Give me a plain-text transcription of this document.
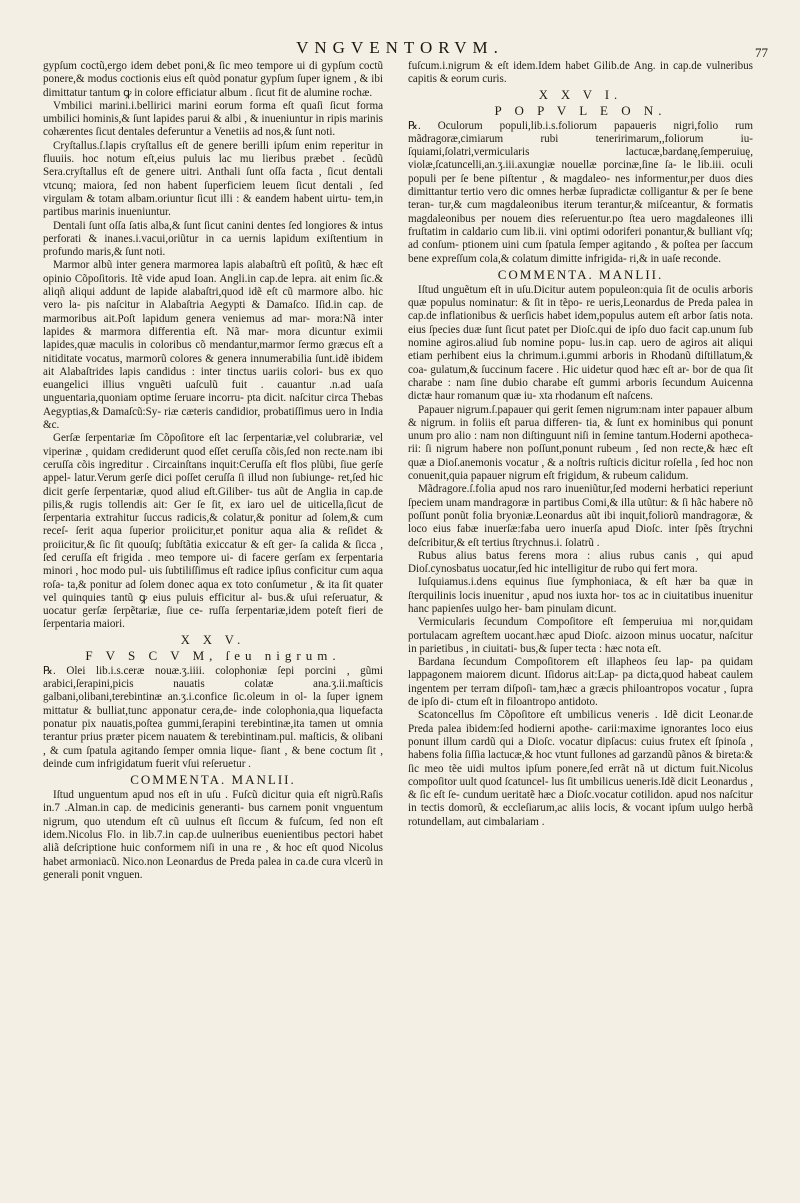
VNGVENTORVM.	77

gypſum coctũ,ergo idem debet poni,& ſic meo tempore ui di gypſum coctũ ponere,& modus coctionis eius eſt quòd ponatur gypſum ſuper ignem , & ibi dimittatur tantum ꝙ in colore efficiatur album . ſicut fit de alumine rochæ.

Vmbilici marini.i.bellirici marini eorum forma eſt quaſi ſicut forma umbilici hominis,& ſunt lapides parui & albi , & inueniuntur in ripis marinis cohærentes ſicut dentales deferuntur a Venetiis ad nos,& ſunt noti.

Cryſtallus.ſ.lapis cryſtallus eſt de genere berilli ipſum enim reperitur in fluuiis. hoc notum eſt,eius puluis lac mu lieribus præbet . ſecũdũ Sera.cryſtallus eſt de genere uitri. Anthali ſunt oſſa facta , ſicut dentali vtcunq; maiora, ſed non habent ſuperficiem leuem ſicut dentali , ſed virgulam & totam albam.oriuntur ſicut illi : & eandem habent uirtu- tem,in partibus marinis inueniuntur.

Dentali ſunt oſſa ſatis alba,& ſunt ſicut canini dentes ſed longiores & intus perforati & inanes.i.vacui,oriũtur in ca uernis lapidum exiſtentium in profundo maris,& ſunt noti.

Marmor albũ inter genera marmorea lapis alabaſtrũ eſt poſitũ, & hæc eſt opinio Cõpoſitoris. Itẽ vide apud Ioan. Angli.in cap.de lepra. ait enim ſic.& aliqñ aliqui addunt de lapide alabaſtri,quod idẽ eſt cũ marmore albo. hic vero la- pis naſcitur in Alabaſtria Aegypti & Damaſco. Iſid.in cap. de marmoribus ait.Poſt lapidum genera veniemus ad mar- mora:Nã inter lapides & marmora differentia eſt. Nã mar- mora dicuntur eximii lapides,quæ maculis in coloribus cõ mendantur,marmor ſermo græcus eſt a nitiditate vocatus, marmorũ colores & genera innumerabilia ſunt.idẽ ibidem ait Alabaſtrides lapis candidus : inter tinctus uariis colori- bus ex quo euangelici illius vnguẽti uaſculũ fuit . cauantur .n.ad uaſa unguentaria,quoniam optime ſeruare incorru- pta dicit. naſcitur circa Thebas Aegyptias,& Damaſcũ:Sy- riæ cæteris candidior, probatiſſimus uero in India &c.

Gerſæ ſerpentariæ ſm Cõpoſitore eſt lac ſerpentariæ,vel colubrariæ, vel viperinæ , quidam crediderunt quod eſſet ceruſſa cõis,ſed non recte.nam ibi ceruſſa cõis ingreditur . Circainſtans inquit:Ceruſſa eſt flos plũbi, ſiue gerſe appel- latur.Verum gerſe dici poſſet ceruſſa ſi illud non ſubiunge- ret,ſed hic dicit gerſe ſerpentariæ, quod aliud eſt.Giliber- tus aũt de Anglia in cap.de pilis,& rugis tollendis ait: Ger ſe ſit, ex iaro uel de uiticella,ſicut de ſerpentaria extrahitur ſuccus radicis,& colatur,& ponitur ad ſolem,& cum receſ- ſerit aqua ſuperior proiicitur,et ponitur aqua alia & reſidet & proiicitur,& ſic ſit quouſq; ſubſtãtia exiccatur & eſt ger- ſa calida & ſicca , ſed ceruſſa eſt frigida . meo tempore ui- di facere gerſam ex ſerpentaria minori , hoc modo pul- uis ſubtiliſſimus eſt radice ipſius conficitur cum aqua roſa- ta,& ponitur ad ſolem donec aqua ex toto conſumetur , & ita ſit quater vel quinquies tantũ ꝙ eius puluis efficitur al- bus.& uſui reſeruatur, & uocatur gerſæ ſerpẽtariæ, ſiue ce- ruſſa ſerpentariæ,idem poteſt fieri de ſerpentaria maiori.

X X V.
F V S C V M, ſeu nigrum.

℞. Olei lib.i.s.ceræ nouæ.ʒ.iiii. colophoniæ ſepi porcini , gũmi arabici,ſerapini,picis nauatis colatæ ana.ʒ.ii.maſticis galbani,olibani,terebintinæ an.ʒ.i.confice ſic.oleum in ol- la ſuper ignem mittatur & bulliat,tunc apponatur cera,de- inde colophonia,qua liquefacta ponatur pix nauatis,poſtea gummi,ſerapini terebintinæ,ita tamen ut omnia terantur prius præter picem nauatem & terebintinam.pul. maſticis, & olibani , & cum ſpatula agitando ſemper omnia lique- ſiant , & bene coctum ſit , deinde cum infrigidatum fuerit vſui reſeruetur .

COMMENTA. MANLII.

Iſtud unguentum apud nos eſt in uſu . Fuſcũ dicitur quia eſt nigrũ.Raſis in.7 .Alman.in cap. de medicinis generanti- bus carnem ponit vnguentum nigrum, quo utendum eſt cũ uulnus eſt ſiccum & fuſcum, ſed non eſt idem.Nicolus Flo. in lib.7.in cap.de uulneribus euenientibus pectori habet aliã deſcriptione huic conformem niſi in una re , & hoc eſt quod Nicolus habet armoniacũ. Nico.non Leonardus de Preda palea in ca.de cura vlcerũ in generali ponit vnguen.

fuſcum.i.nigrum & eſt idem.Idem habet Gilib.de Ang. in cap.de vulneribus capitis & eorum curis.

X X V I.
P O P V L E O N.

℞. Oculorum populi,lib.i.s.foliorum papaueris nigri,folio rum mãdragoræ,cimiarum rubi teneririmarum,,foliorum iu- ſquiami,ſolatri,vermicularis lactucæ,bardanę,ſemperuiuę, violæ,ſcatuncelli,an.ʒ.iii.axungiæ nouellæ porcinæ,ſine ſa- le lib.iii. oculi populi per ſe bene piſtentur , & magdaleo- nes informentur,per duos dies dimittantur tertio vero dic omnes herbæ ſupradictæ colligantur & per ſe bene teran- tur,& cum magdaleonibus iterum terantur,& miſceantur, & formatis magdaleonibus per nouem dies reſeruentur.po ſtea uero magdaleones illi fruſtatim in caldario cum lib.ii. vini optimi odoriferi ponantur,& bulliant vſq; ad conſum- ptionem uini cum ſpatula ſemper agitando , & poſtea per ſaccum bene expreſſum cola,& colatum dimitte infrigida- ri,& in uaſe reconde.

COMMENTA. MANLII.

Iſtud unguẽtum eſt in uſu.Dicitur autem populeon:quia ſit de oculis arboris quæ populus nominatur: & ſit in tẽpo- re ueris,Leonardus de Preda palea in cap.de inflationibus & uerſicis habet idem,populus autem eſt arbor ſatis nota. eius ſpecies duæ ſunt ſicut patet per Dioſc.qui de ipſo duo facit cap.unum ſub nomine agiros.aliud ſub nomine popu- lus.in cap. uero de agiros ait aliqui etiam perhibent eius la chrimum.i.gummi arboris in Rhodanũ diſtillatum,& coa- gulatum,& ſuccinum facere . Hic uidetur quod hæc eſt ar- bor de qua ſit charabe : nam ſine dubio charabe eſt gummi arboris ſecundum Auicenna dictæ haur romanum quæ iu- xta rhodanum eſt naſcens.

Papauer nigrum.ſ.papauer qui gerit ſemen nigrum:nam inter papauer album & nigrum. in foliis eſt parua differen- tia, & ſunt ex hominibus qui ponunt unum pro alio : nam non diſtinguunt niſi in ſemine tantum.Hoderni apotheca- rii: ſi nigrum habere non poſſunt,ponunt rubeum , ſed non recte,& hæc eſt quæ a Dioſ.anemonis vocatur , & a noſtris ruſticis dicitur roſella , ſed hoc non conuenit,quia papauer nigrum eſt frigidum, & rubeum calidum.

Mãdragore.ſ.folia apud nos raro inueniũtur,ſed moderni herbatici reperiunt ſpeciem unam mandragoræ in partibus Comi,& illa utũtur: & ſi hãc habere nõ poſſunt ponũt folia bryoniæ.Leonardus aũt ibi inquit,foliorũ mandragoræ, & loco eius fabæ inuerſæ:faba uero inuerſa apud Dioſc. inter ſpẽs ſtrychni deſcribitur,& eſt tertius ſtrychnus.i. ſolatrũ .

Rubus alius batus ferens mora : alius rubus canis , qui apud Dioſ.cynosbatus uocatur,ſed hic intelligitur de rubo qui fert mora.

Iuſquiamus.i.dens equinus ſiue ſymphoniaca, & eſt hær ba quæ in ſterquilinis locis inuenitur , apud nos iuxta hor- tos ac in ciuitatibus inuenitur hanc papienſes uulgo her- bam pinulam dicunt.

Vermicularis ſecundum Compoſitore eſt ſemperuiua mi nor,quidam portulacam agreſtem uocant.hæc apud Dioſc. aizoon minus uocatur, naſcitur in parietibus , in ciuitati- bus,& ſuper tecta : hæc nota eſt.

Bardana ſecundum Compoſitorem eſt illapheos ſeu lap- pa quidam lappagonem maiorem dicunt. Iſidorus ait:Lap- pa dicta,quod habeat caulem ingentem per terram diſpoſi- tam,hæc a græcis philoantropos vocatur , ſupra de ipſo di- ctum eſt in filoantropo antidoto.

Scatoncellus ſm Cõpoſitore eſt umbilicus veneris . Idẽ dicit Leonar.de Preda palea ibidem:ſed hodierni apothe- carii:maxime ignorantes loco eius ponunt illum cardũ qui a Dioſc. vocatur dipſacus: cuius frutex eſt ſpinoſa , habens folia ſiſſia lactucæ,& hoc vtunt fullones ad garzandũ pãnos & bireta:& ſic meo tẽe uidi multos ipſum ponere,ſed errãt nã ut dictum fuit.Nicolus compoſitor uult quod ſcatuncel- lus ſit umbilicus ueneris.Idẽ dicit Leonardus , & ſic eſt ſe- cundum ueritatẽ hæc a Dioſc.vocatur cotilidon. apud nos naſcitur in tectis domorũ, & eccleſiarum,ac aliis locis, & vocant ipſum uulgo herbã rotundellam, aut cimbalariam .
